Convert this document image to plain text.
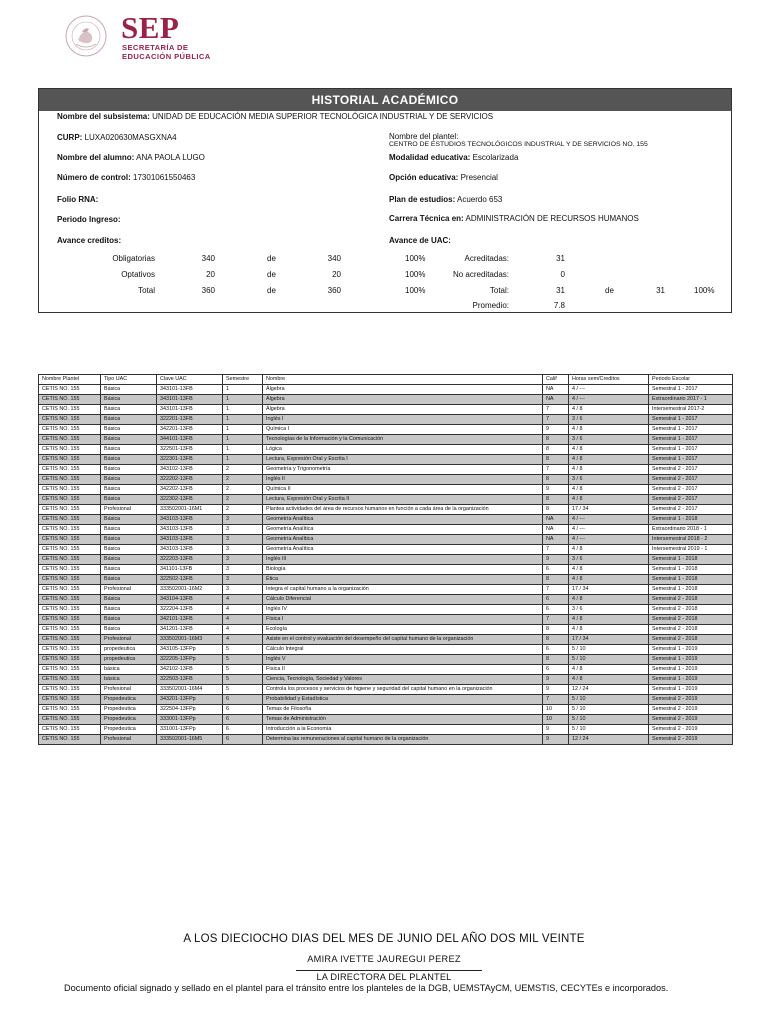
SEP
SECRETARÍA DE
EDUCACIÓN PÚBLICA
HISTORIAL ACADÉMICO
Nombre del subsistema: UNIDAD DE EDUCACIÓN MEDIA SUPERIOR TECNOLÓGICA INDUSTRIAL Y DE SERVICIOS
CURP: LUXA020630MASGXNA4	Nombre del plantel:
CENTRO DE ESTUDIOS TECNOLÓGICOS INDUSTRIAL Y DE SERVICIOS NO. 155
Nombre del alumno: ANA PAOLA LUGO	Modalidad educativa: Escolarizada
Número de control: 17301061550463	Opción educativa: Presencial
Folio RNA:	Plan de estudios: Acuerdo 653
Periodo Ingreso:	Carrera Técnica en: ADMINISTRACIÓN DE RECURSOS HUMANOS
Avance creditos:	Avance de UAC:
Obligatorias	340	de	340	100%
Optativos	20	de	20	100%
Total	360	de	360	100%
Acreditadas:	31
No acreditadas:	0
Total:	31	de	31	100%
Promedio:	7.8
Nombre Plantel	Tipo UAC	Clave UAC	Semestre	Nombre	Calif	Horas sem/Creditos	Periodo Escolar
CETIS NO. 155	Básica	343101-13FB	1	Álgebra	NA	4 / ---	Semestral 1 - 2017
CETIS NO. 155	Básica	343101-13FB	1	Álgebra	NA	4 / ---	Extraordinario 2017 - 1
CETIS NO. 155	Básica	343101-13FB	1	Álgebra	7	4 / 8	Intersemestral 2017-2
CETIS NO. 155	Básica	322201-13FB	1	Inglés I	7	3 / 6	Semestral 1 - 2017
CETIS NO. 155	Básica	342201-13FB	1	Química I	9	4 / 8	Semestral 1 - 2017
CETIS NO. 155	Básica	344101-13FB	1	Tecnologías de la Información y la Comunicación	8	3 / 6	Semestral 1 - 2017
CETIS NO. 155	Básica	322501-13FB	1	Lógica	8	4 / 8	Semestral 1 - 2017
CETIS NO. 155	Básica	322301-13FB	1	Lectura, Expresión Oral y Escrita I	8	4 / 8	Semestral 1 - 2017
CETIS NO. 155	Básica	343102-13FB	2	Geometría y Trigonometría	7	4 / 8	Semestral 2 - 2017
CETIS NO. 155	Básica	322202-13FB	2	Inglés II	8	3 / 6	Semestral 2 - 2017
CETIS NO. 155	Básica	342202-13FB	2	Química II	9	4 / 8	Semestral 2 - 2017
CETIS NO. 155	Básica	322302-13FB	2	Lectura, Expresión Oral y Escrita II	8	4 / 8	Semestral 2 - 2017
CETIS NO. 155	Profesional	333502001-16M1	2	Plantea actividades del área de recursos humanos en función a cada área de la organización	8	17 / 34	Semestral 2 - 2017
CETIS NO. 155	Básica	343103-13FB	3	Geometría Analítica	NA	4 / ---	Semestral 1 - 2018
CETIS NO. 155	Básica	343103-13FB	3	Geometría Analítica	NA	4 / ---	Extraordinario 2018 - 1
CETIS NO. 155	Básica	343103-13FB	3	Geometría Analítica	NA	4 / ---	Intersemestral 2018 - 2
CETIS NO. 155	Básica	343103-13FB	3	Geometría Analítica	7	4 / 8	Intersemestral 2019 - 1
CETIS NO. 155	Básica	322203-13FB	3	Inglés III	9	3 / 6	Semestral 1 - 2018
CETIS NO. 155	Básica	341101-13FB	3	Biología	6	4 / 8	Semestral 1 - 2018
CETIS NO. 155	Básica	322502-13FB	3	Ética	8	4 / 8	Semestral 1 - 2018
CETIS NO. 155	Profesional	333502001-16M2	3	Integra el capital humano a la organización	7	17 / 34	Semestral 1 - 2018
CETIS NO. 155	Básica	343104-13FB	4	Cálculo Diferencial	6	4 / 8	Semestral 2 - 2018
CETIS NO. 155	Básica	322204-13FB	4	Inglés IV	6	3 / 6	Semestral 2 - 2018
CETIS NO. 155	Básica	342101-13FB	4	Física I	7	4 / 8	Semestral 2 - 2018
CETIS NO. 155	Básica	341201-13FB	4	Ecología	8	4 / 8	Semestral 2 - 2018
CETIS NO. 155	Profesional	333502001-16M3	4	Asiste en el control y evaluación del desempeño del capital humano de la organización	8	17 / 34	Semestral 2 - 2018
CETIS NO. 155	propedeutica	343105-13FPp	5	Cálculo Integral	6	5 / 10	Semestral 1 - 2019
CETIS NO. 155	propedeutica	322205-13FPp	5	Inglés V	8	5 / 10	Semestral 1 - 2019
CETIS NO. 155	básica	342102-13FB	5	Física II	6	4 / 8	Semestral 1 - 2019
CETIS NO. 155	básica	322503-13FB	5	Ciencia, Tecnología, Sociedad y Valores	9	4 / 8	Semestral 1 - 2019
CETIS NO. 155	Profesional	333502001-16M4	5	Controla los procesos y servicios de higiene y seguridad del capital humano en la organización	9	12 / 24	Semestral 1 - 2019
CETIS NO. 155	Propedeutica	343201-13FPp	6	Probabilidad y Estadística	7	5 / 10	Semestral 2 - 2019
CETIS NO. 155	Propedeutica	322504-13FPp	6	Temas de Filosofía	10	5 / 10	Semestral 2 - 2019
CETIS NO. 155	Propedeutica	333001-13FPp	6	Temas de Administración	10	5 / 10	Semestral 2 - 2019
CETIS NO. 155	Propedeutica	331001-13FPp	6	Introducción a la Economía	9	5 / 10	Semestral 2 - 2019
CETIS NO. 155	Profesional	333502001-16M5	6	Determina las remuneraciones al capital humano de la organización	9	12 / 24	Semestral 2 - 2019
A LOS DIECIOCHO DIAS DEL MES DE JUNIO DEL AÑO DOS MIL VEINTE
AMIRA IVETTE JAUREGUI PEREZ
LA DIRECTORA DEL PLANTEL
Documento oficial signado y sellado en el plantel para el tránsito entre los planteles de la DGB, UEMSTAyCM, UEMSTIS, CECYTEs e incorporados.
